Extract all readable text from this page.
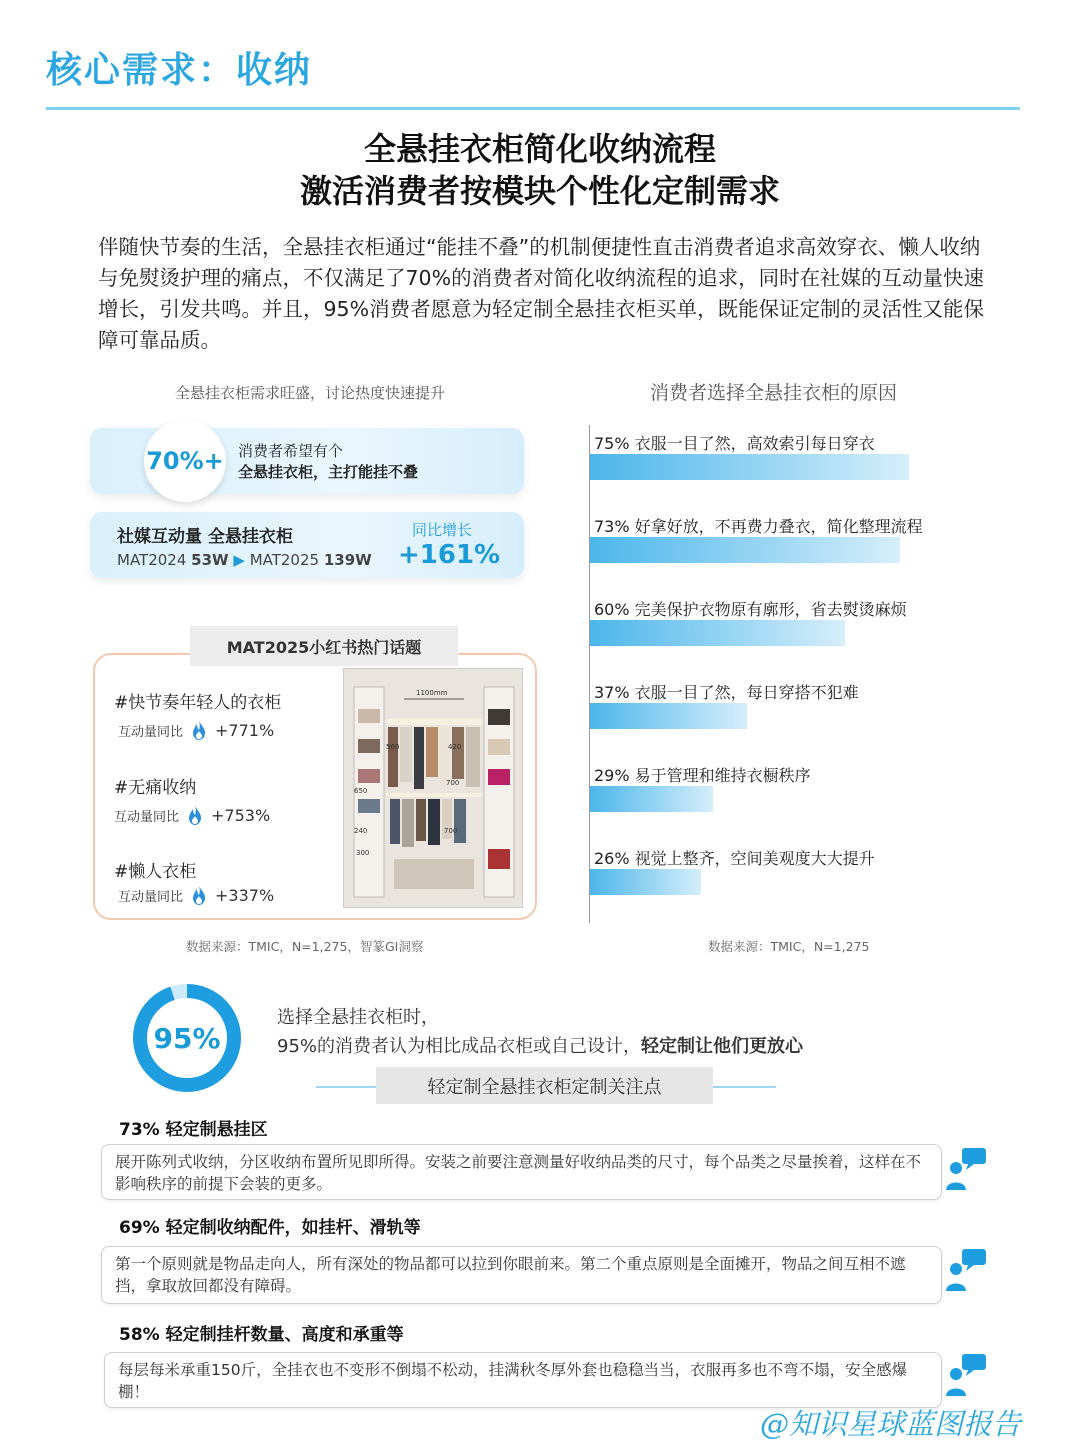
核心需求：收纳
全悬挂衣柜简化收纳流程
激活消费者按模块个性化定制需求
伴随快节奏的生活，全悬挂衣柜通过“能挂不叠”的机制便捷性直击消费者追求高效穿衣、懒人收纳与免熨烫护理的痛点，不仅满足了70%的消费者对简化收纳流程的追求，同时在社媒的互动量快速增长，引发共鸣。并且，95%消费者愿意为轻定制全悬挂衣柜买单，既能保证定制的灵活性又能保障可靠品质。
全悬挂衣柜需求旺盛，讨论热度快速提升
70%+ 消费者希望有个
全悬挂衣柜，主打能挂不叠
社媒互动量 全悬挂衣柜
MAT2024 53W ▶ MAT2025 139W
同比增长
+161%
MAT2025小红书热门话题
#快节奏年轻人的衣柜
互动量同比 +771%
#无痛收纳
互动量同比 +753%
#懒人衣柜
互动量同比 +337%
1100mm
560	420
650
700
240	700
300
数据来源：TMIC，N=1,275，智篆GI洞察
消费者选择全悬挂衣柜的原因
75% 衣服一目了然，高效索引每日穿衣
73% 好拿好放，不再费力叠衣，简化整理流程
60% 完美保护衣物原有廓形，省去熨烫麻烦
37% 衣服一目了然，每日穿搭不犯难
29% 易于管理和维持衣橱秩序
26% 视觉上整齐，空间美观度大大提升
数据来源：TMIC，N=1,275
95%
选择全悬挂衣柜时，
95%的消费者认为相比成品衣柜或自己设计，轻定制让他们更放心
轻定制全悬挂衣柜定制关注点
73% 轻定制悬挂区
展开陈列式收纳，分区收纳布置所见即所得。安装之前要注意测量好收纳品类的尺寸，每个品类之尽量挨着，这样在不影响秩序的前提下会装的更多。
69% 轻定制收纳配件，如挂杆、滑轨等
第一个原则就是物品走向人，所有深处的物品都可以拉到你眼前来。第二个重点原则是全面摊开，物品之间互相不遮挡，拿取放回都没有障碍。
58% 轻定制挂杆数量、高度和承重等
每层每米承重150斤，全挂衣也不变形不倒塌不松动，挂满秋冬厚外套也稳稳当当，衣服再多也不弯不塌，安全感爆棚！
@知识星球蓝图报告
